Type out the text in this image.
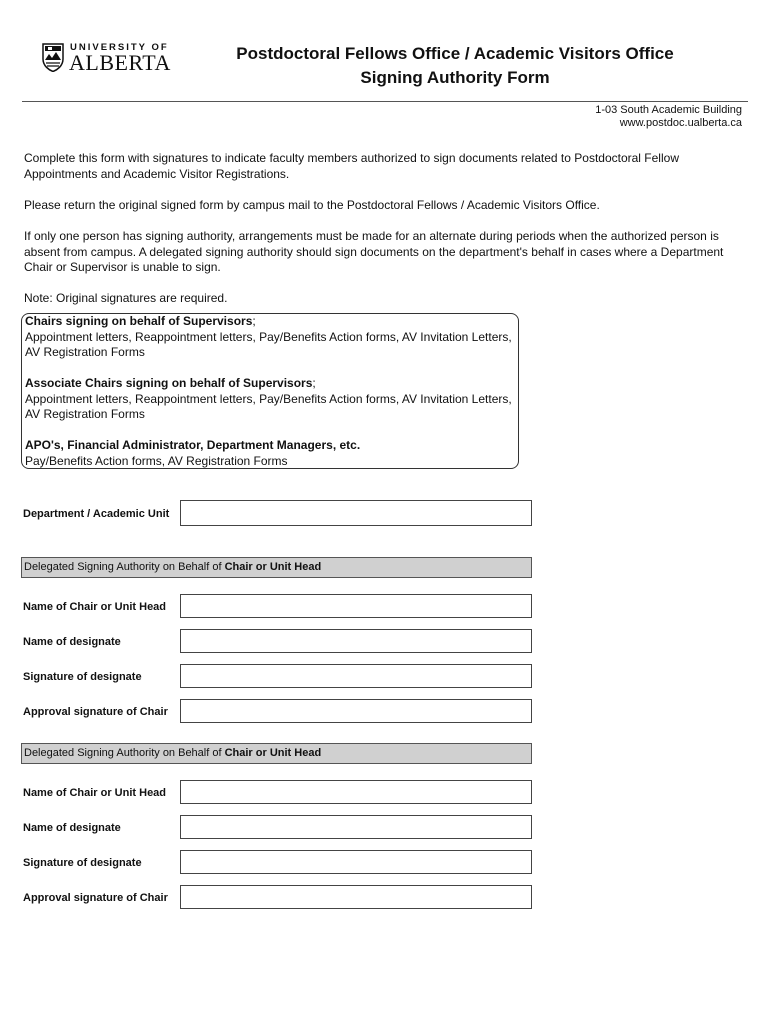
UNIVERSITY OF
ALBERTA	Postdoctoral Fellows Office / Academic Visitors Office
Signing Authority Form
1-03 South Academic Building
www.postdoc.ualberta.ca
Complete this form with signatures to indicate faculty members authorized to sign documents related to Postdoctoral Fellow Appointments and Academic Visitor Registrations.
Please return the original signed form by campus mail to the Postdoctoral Fellows / Academic Visitors Office.
If only one person has signing authority, arrangements must be made for an alternate during periods when the authorized person is absent from campus. A delegated signing authority should sign documents on the department's behalf in cases where a Department Chair or Supervisor is unable to sign.
Note: Original signatures are required.
Chairs signing on behalf of Supervisors;
Appointment letters, Reappointment letters, Pay/Benefits Action forms, AV Invitation Letters, AV Registration Forms
Associate Chairs signing on behalf of Supervisors;
Appointment letters, Reappointment letters, Pay/Benefits Action forms, AV Invitation Letters, AV Registration Forms
APO's, Financial Administrator, Department Managers, etc.
Pay/Benefits Action forms, AV Registration Forms
Department / Academic Unit
Delegated Signing Authority on Behalf of Chair or Unit Head
Name of Chair or Unit Head
Name of designate
Signature of designate
Approval signature of Chair
Delegated Signing Authority on Behalf of Chair or Unit Head
Name of Chair or Unit Head
Name of designate
Signature of designate
Approval signature of Chair
